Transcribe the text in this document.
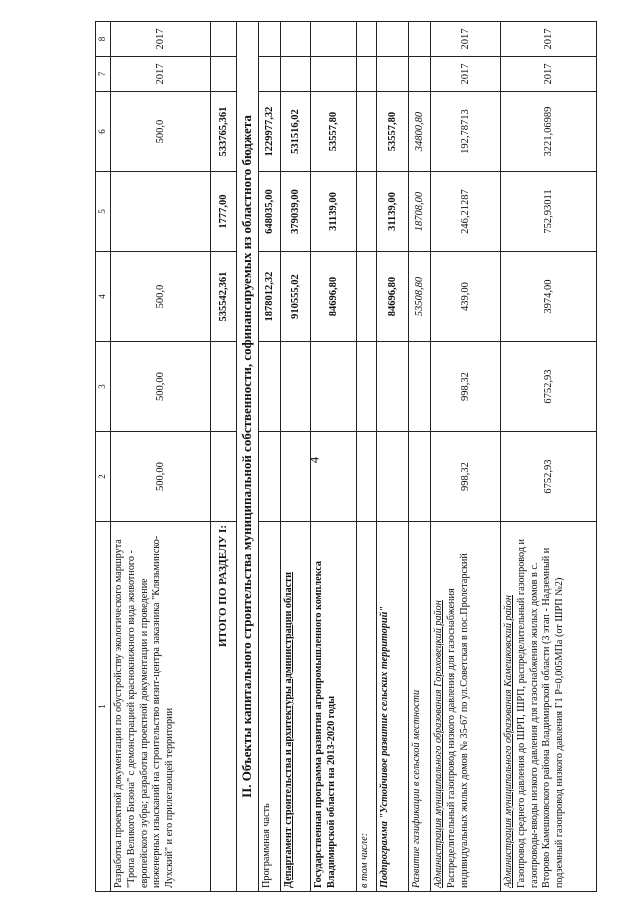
4
1	2	3	4	5	6	7	8
Разработка проектной документации по обустройству экологического маршрута "Тропа Великого Бизона" с демонстрацией краснокнижного вида животного - европейского зубра; разработка проектной документации и проведение инженерных изысканий на строительство визит-центра заказника "Клязьминско-Лухский" и его прилегающей территории	500,00	500,00	500,0		500,0	2017	2017
ИТОГО ПО РАЗДЕЛУ I:			535542,361	1777,00	533765,361		
II. Объекты капитального строительства муниципальной собственности, софинансируемых из областного бюджета							
Программная часть			1878012,32	648035,00	1229977,32		
Департамент строительства и архитектуры администрации области			910555,02	379039,00	531516,02		
Государственная программа развития агропромышленного комплекса Владимирской области на 2013-2020 годы			84696,80	31139,00	53557,80		
в том числе:							
Подпрограмма "Устойчивое развитие сельских территорий"			84696,80	31139,00	53557,80		
Развитие газификации в сельской местности			53508,80	18708,00	34800,80		

Администрация муниципального образования Гороховецкий район Распределительный газопровод низкого давления для газоснабжения индивидуальных жилых домов № 35-67 по ул.Советская в пос.Пролетарский	998,32	998,32	439,00	246,21287	192,78713	2017	2017

Администрация муниципального образования Камешковский район Газопровод среднего давления до ШРП, ШРП, распределительный газопровод и газопроводы-вводы низкого давления для газоснабжения жилых домов в с. Второво Камешковского района Владимирской области (3 этап - Надземный и подземный газопровод низкого давления Г1 Р=0,005МПа (от ШРП №2)	6752,93	6752,93	3974,00	752,93011	3221,06989	2017	2017
